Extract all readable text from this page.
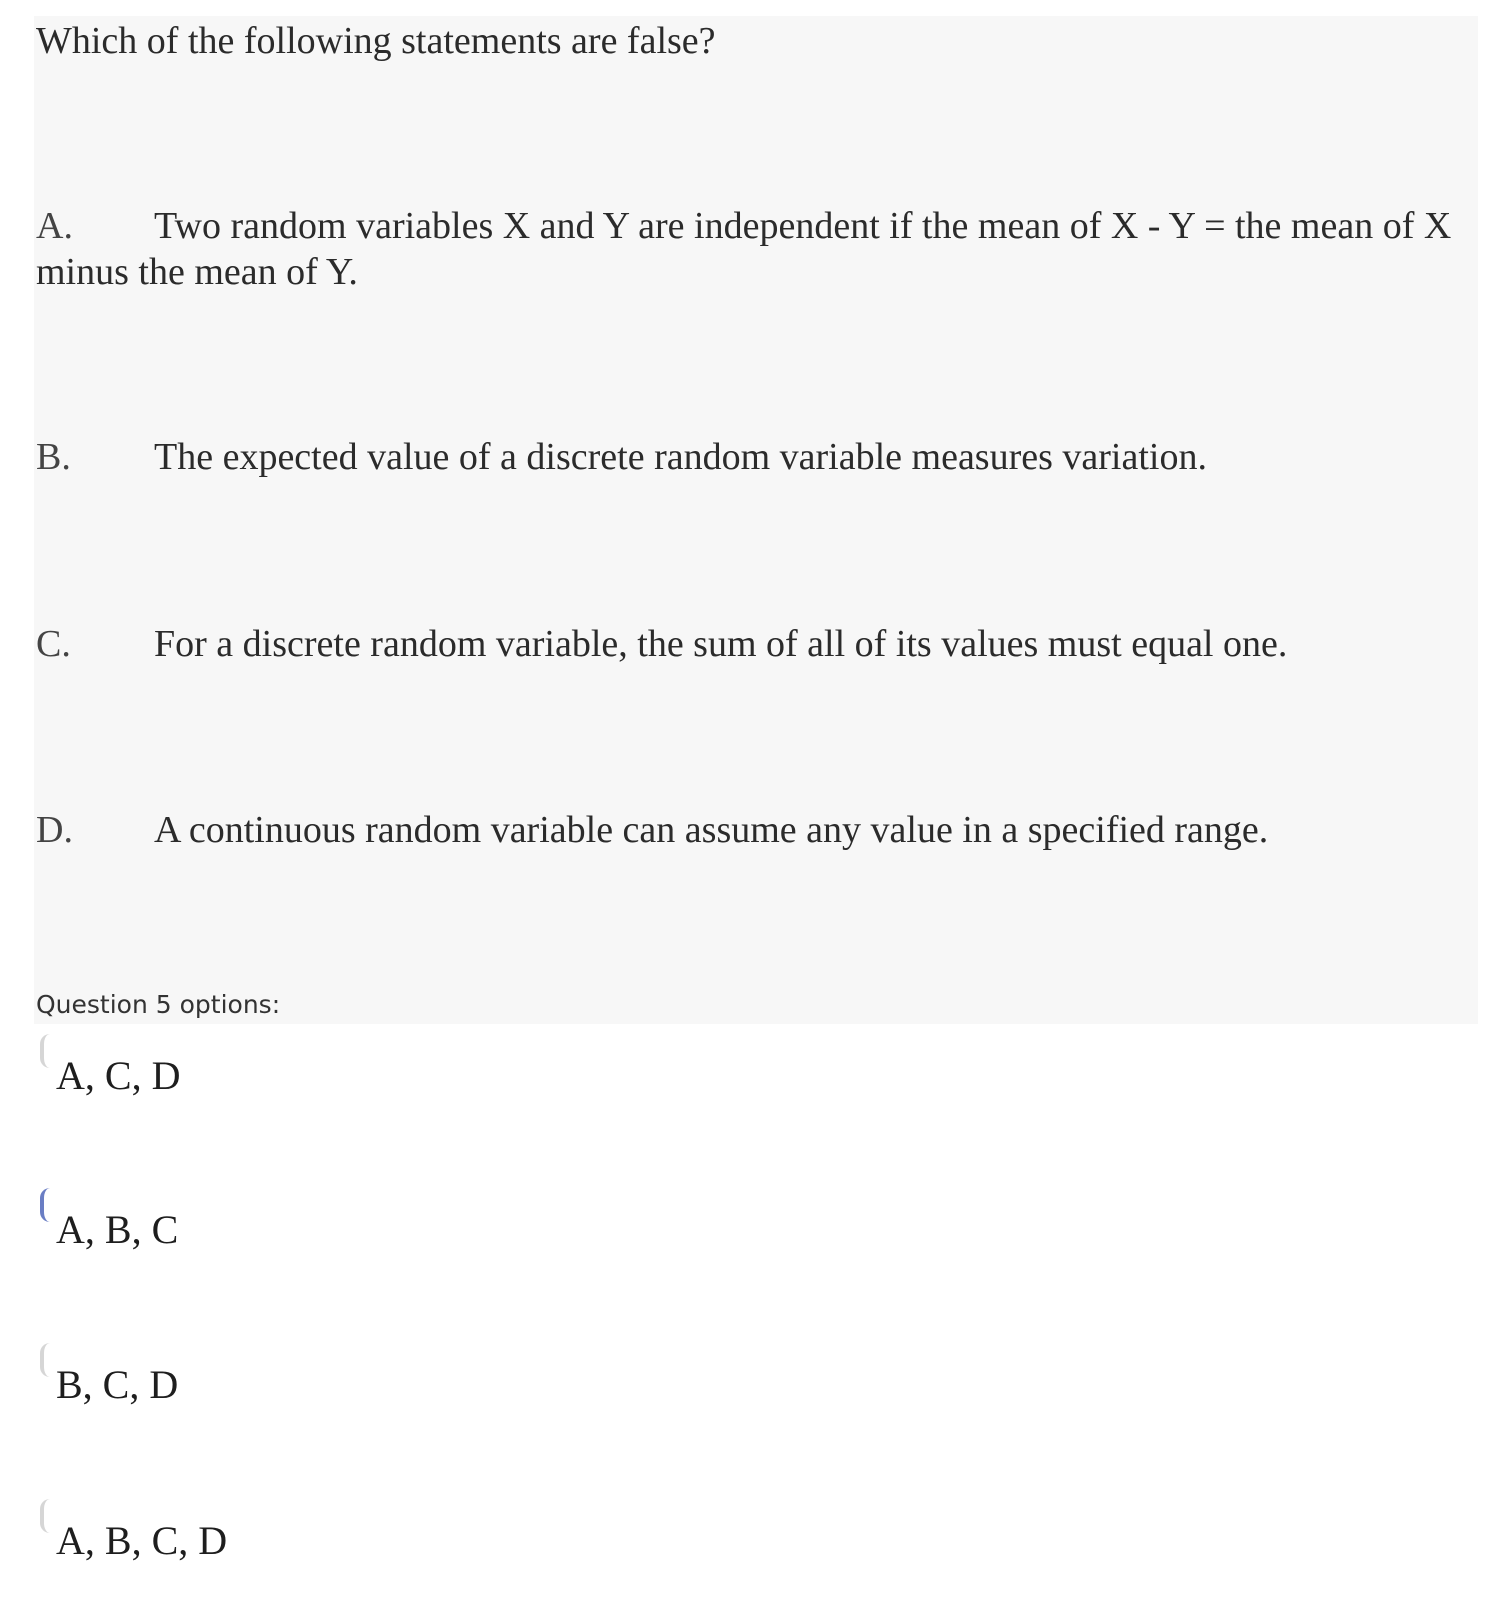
Which of the following statements are false?

A. Two random variables X and Y are independent if the mean of X - Y = the mean of X minus the mean of Y.
B. The expected value of a discrete random variable measures variation.
C. For a discrete random variable, the sum of all of its values must equal one.
D. A continuous random variable can assume any value in a specified range.
Question 5 options:
A, C, D
A, B, C
B, C, D
A, B, C, D
